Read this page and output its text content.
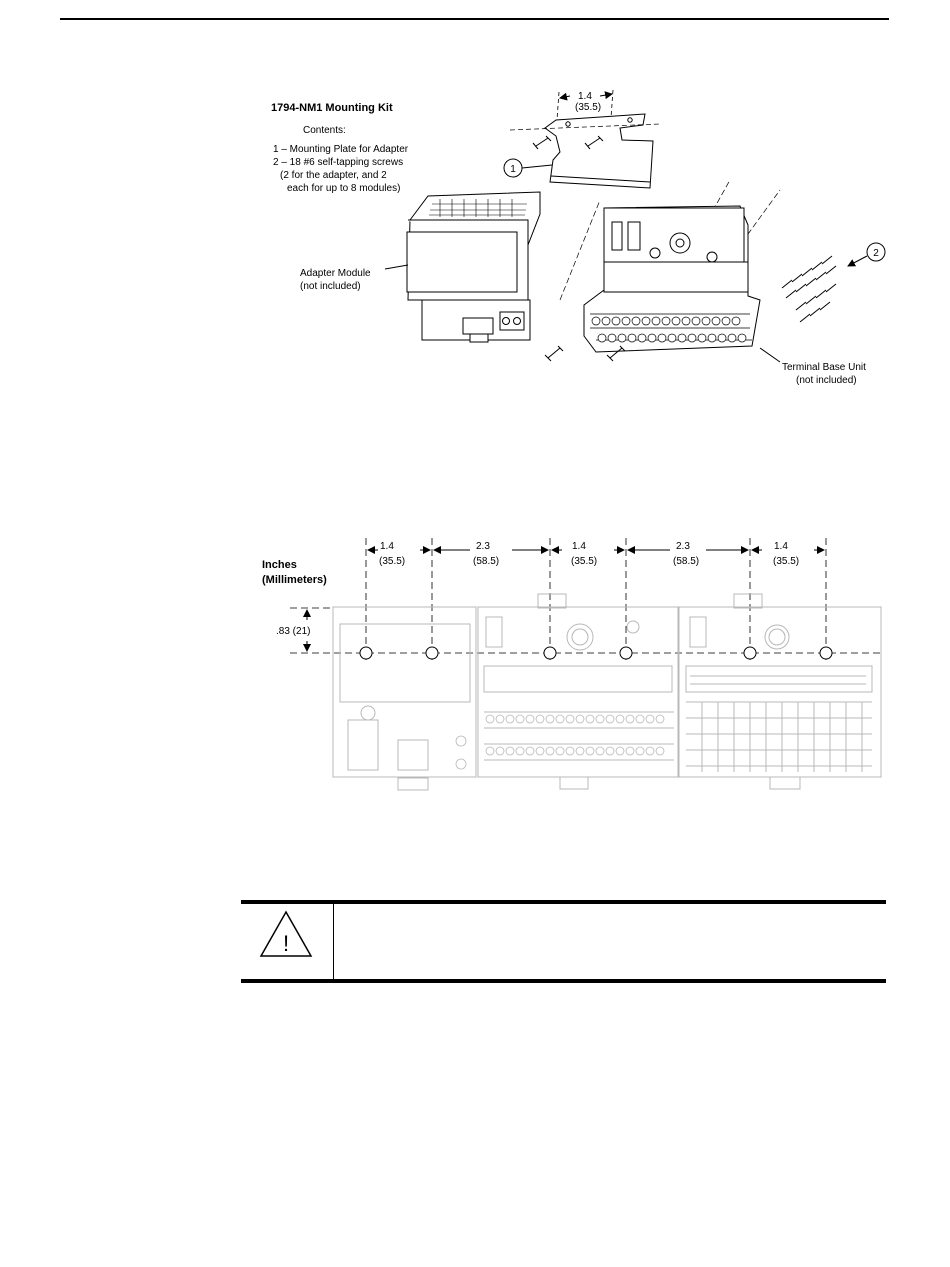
1794-NM1 Mounting Kit
Contents:
1 – Mounting Plate for Adapter
2 – 18 #6 self-tapping screws
(2 for the adapter, and 2
each for up to 8 modules)
1.4
(35.5)
1
Adapter Module
(not included)
Terminal Base Unit
(not included)
2
Inches
(Millimeters)
1.4
(35.5)
2.3
(58.5)
1.4
(35.5)
2.3
(58.5)
1.4
(35.5)
.83 (21)
!
